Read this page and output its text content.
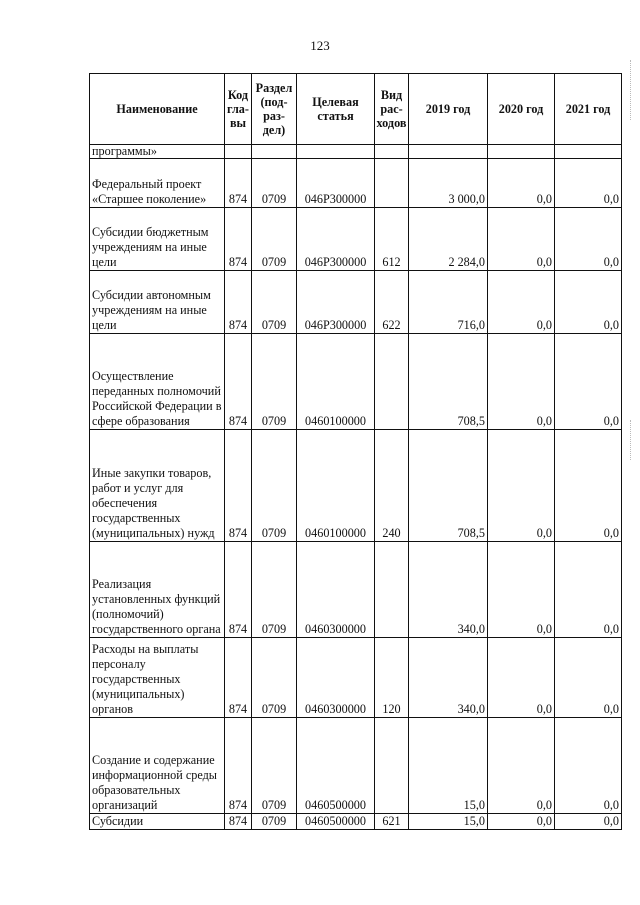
123
Наименование	Код гла-вы	Раздел (под-раз-дел)	Целевая статья	Вид рас-ходов	2019 год	2020 год	2021 год
программы»							
Федеральный проект «Старшее поколение»	874	0709	046P300000		3 000,0	0,0	0,0
Субсидии бюджетным учреждениям на иные цели	874	0709	046P300000	612	2 284,0	0,0	0,0
Субсидии автономным учреждениям на иные цели	874	0709	046P300000	622	716,0	0,0	0,0
Осуществление переданных полномочий Российской Федерации в сфере образования	874	0709	0460100000		708,5	0,0	0,0
Иные закупки товаров, работ и услуг для обеспечения государственных (муниципальных) нужд	874	0709	0460100000	240	708,5	0,0	0,0
Реализация установленных функций (полномочий) государственного органа	874	0709	0460300000		340,0	0,0	0,0
Расходы на выплаты персоналу государственных (муниципальных) органов	874	0709	0460300000	120	340,0	0,0	0,0
Создание и содержание информационной среды образовательных организаций	874	0709	0460500000		15,0	0,0	0,0
Субсидии	874	0709	0460500000	621	15,0	0,0	0,0
